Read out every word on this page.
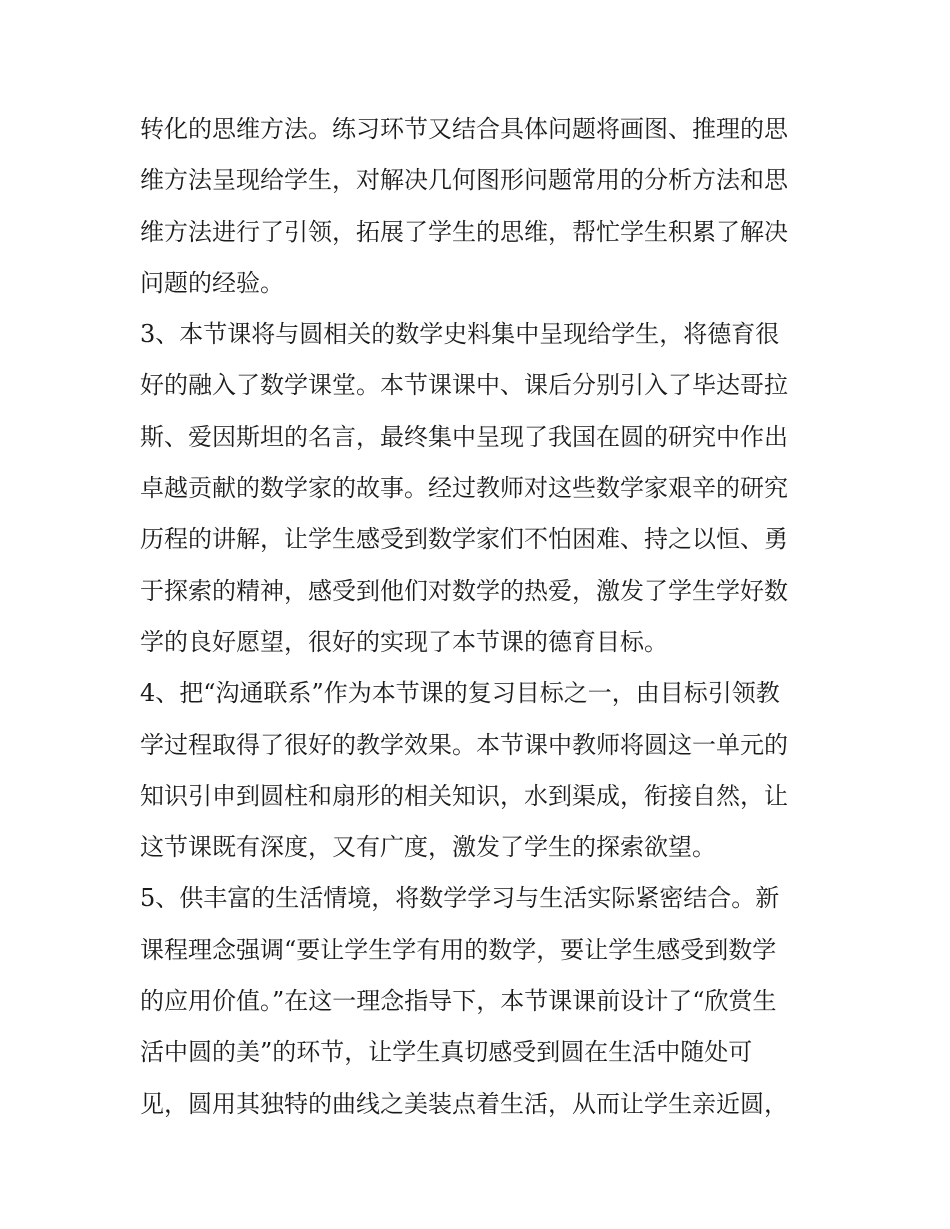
转化的思维方法。练习环节又结合具体问题将画图、推理的思
维方法呈现给学生，对解决几何图形问题常用的分析方法和思
维方法进行了引领，拓展了学生的思维，帮忙学生积累了解决
问题的经验。
3、本节课将与圆相关的数学史料集中呈现给学生，将德育很
好的融入了数学课堂。本节课课中、课后分别引入了毕达哥拉
斯、爱因斯坦的名言，最终集中呈现了我国在圆的研究中作出
卓越贡献的数学家的故事。经过教师对这些数学家艰辛的研究
历程的讲解，让学生感受到数学家们不怕困难、持之以恒、勇
于探索的精神，感受到他们对数学的热爱，激发了学生学好数
学的良好愿望，很好的实现了本节课的德育目标。
4、把“沟通联系”作为本节课的复习目标之一，由目标引领教
学过程取得了很好的教学效果。本节课中教师将圆这一单元的
知识引申到圆柱和扇形的相关知识，水到渠成，衔接自然，让
这节课既有深度，又有广度，激发了学生的探索欲望。
5、供丰富的生活情境，将数学学习与生活实际紧密结合。新
课程理念强调“要让学生学有用的数学，要让学生感受到数学
的应用价值。”在这一理念指导下，本节课课前设计了“欣赏生
活中圆的美”的环节，让学生真切感受到圆在生活中随处可
见，圆用其独特的曲线之美装点着生活，从而让学生亲近圆，
